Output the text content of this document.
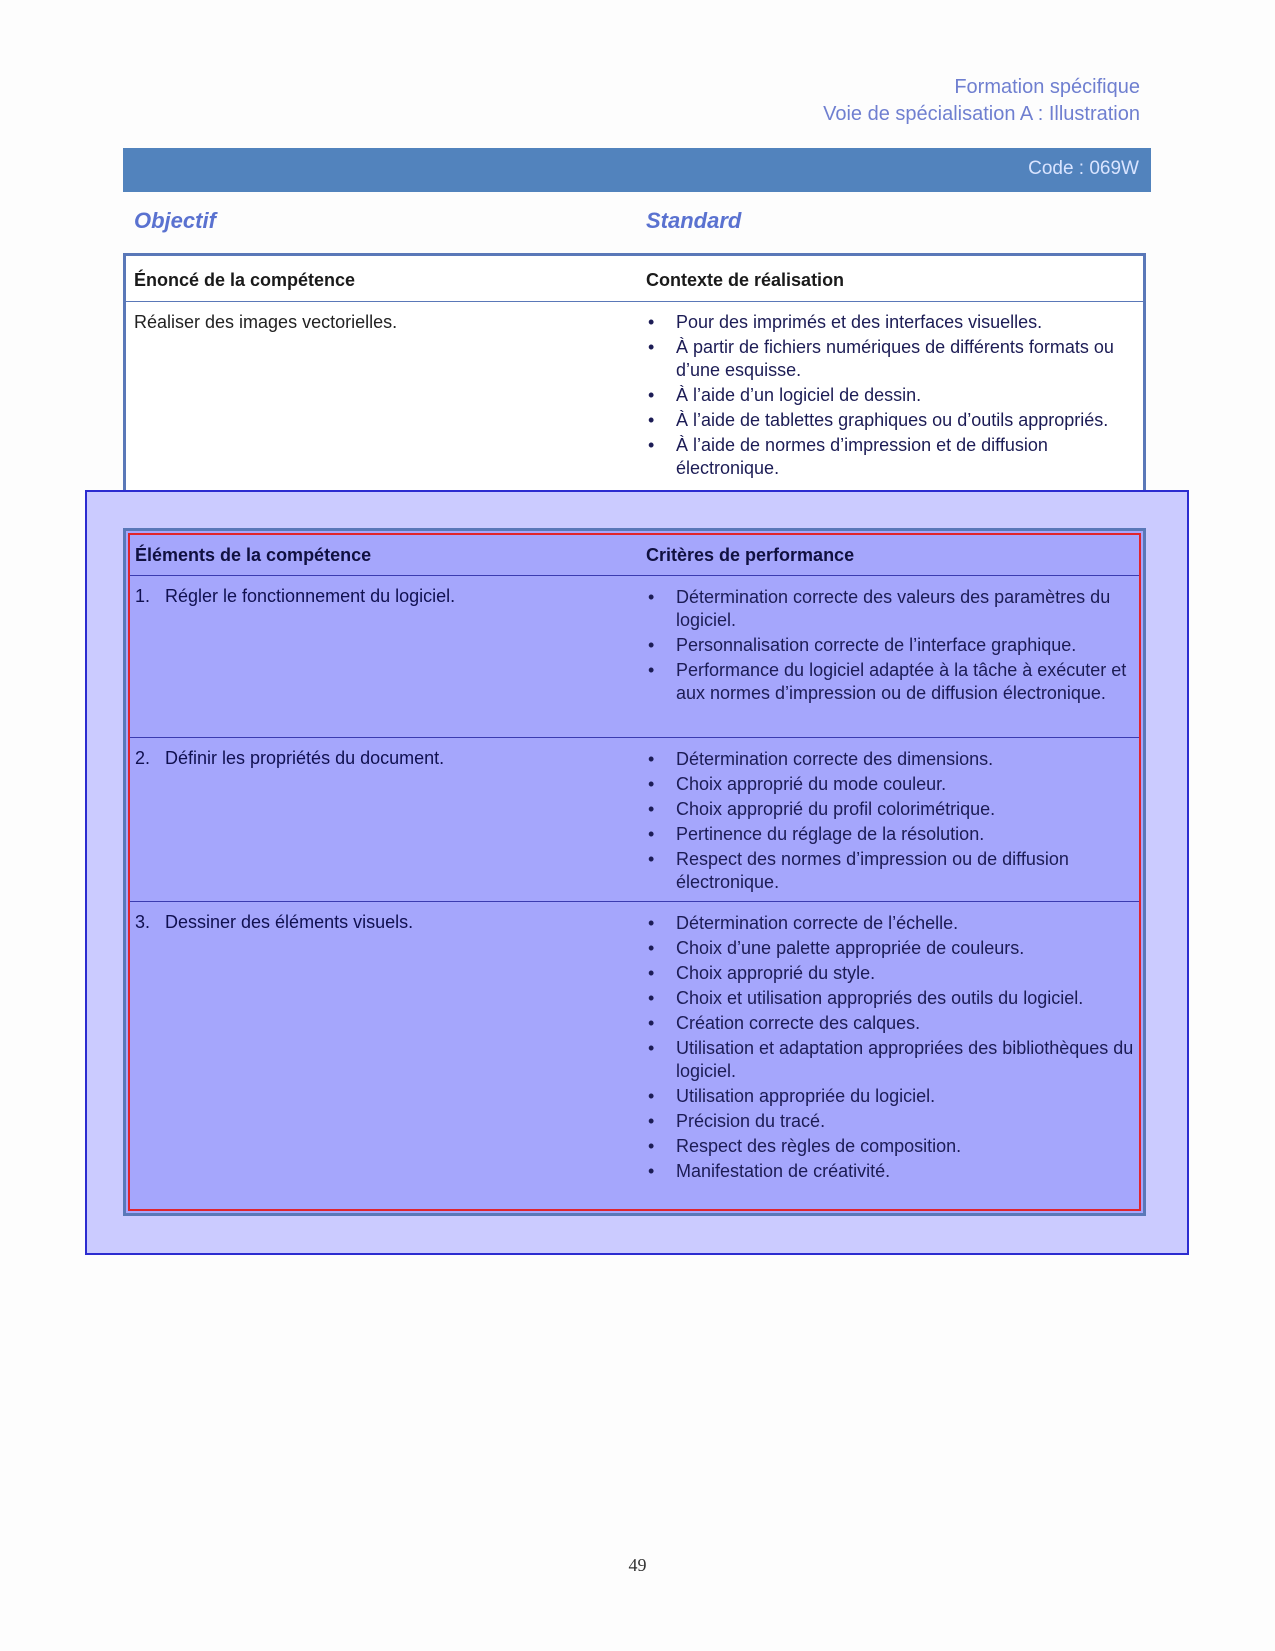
Formation spécifique
Voie de spécialisation A : Illustration
Code : 069W
Objectif	Standard
Énoncé de la compétence	Contexte de réalisation
Réaliser des images vectorielles.	• Pour des imprimés et des interfaces visuelles.
• À partir de fichiers numériques de différents formats ou d’une esquisse.
• À l’aide d’un logiciel de dessin.
• À l’aide de tablettes graphiques ou d’outils appropriés.
• À l’aide de normes d’impression et de diffusion électronique.
Éléments de la compétence	Critères de performance
1. Régler le fonctionnement du logiciel.	• Détermination correcte des valeurs des paramètres du logiciel.
• Personnalisation correcte de l’interface graphique.
• Performance du logiciel adaptée à la tâche à exécuter et aux normes d’impression ou de diffusion électronique.
2. Définir les propriétés du document.	• Détermination correcte des dimensions.
• Choix approprié du mode couleur.
• Choix approprié du profil colorimétrique.
• Pertinence du réglage de la résolution.
• Respect des normes d’impression ou de diffusion électronique.
3. Dessiner des éléments visuels.	• Détermination correcte de l’échelle.
• Choix d’une palette appropriée de couleurs.
• Choix approprié du style.
• Choix et utilisation appropriés des outils du logiciel.
• Création correcte des calques.
• Utilisation et adaptation appropriées des bibliothèques du logiciel.
• Utilisation appropriée du logiciel.
• Précision du tracé.
• Respect des règles de composition.
• Manifestation de créativité.
49
